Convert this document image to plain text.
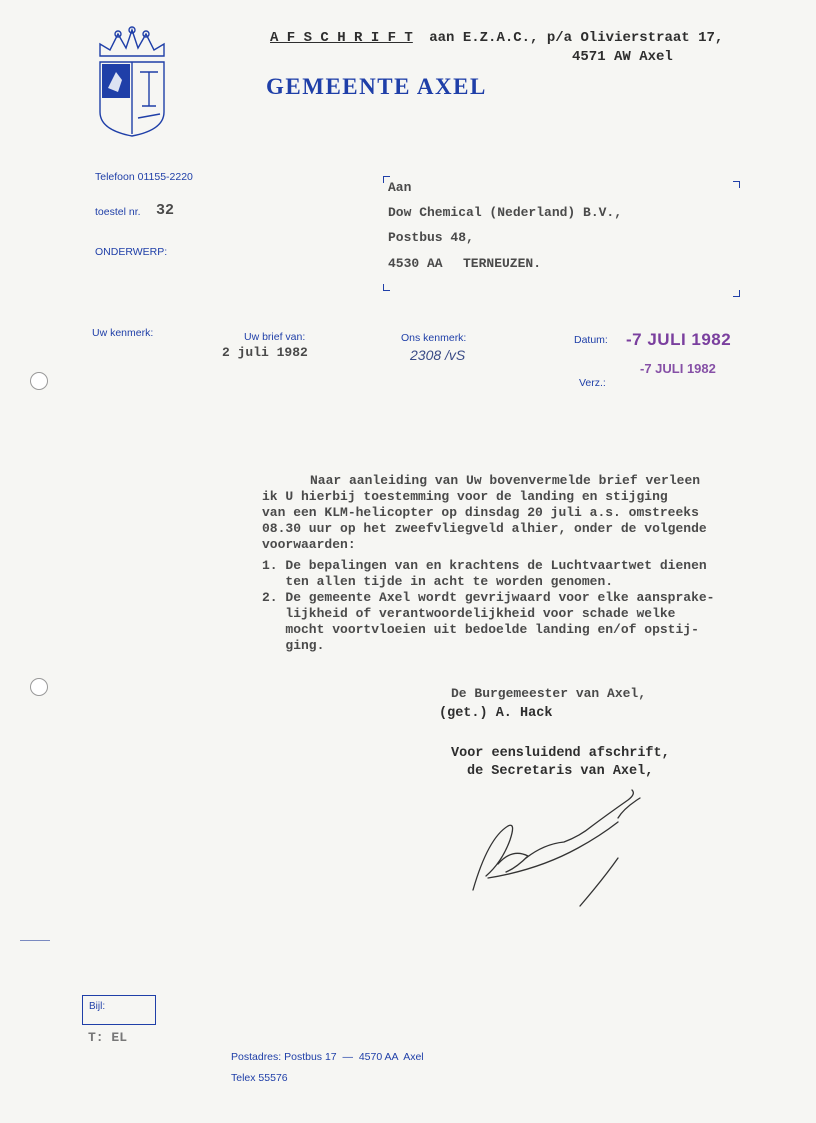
A F S C H R I F T aan E.Z.A.C., p/a Olivierstraat 17,
4571 AW Axel
GEMEENTE AXEL
Telefoon 01155-2220
toestel nr. 32
ONDERWERP:
Aan
Dow Chemical (Nederland) B.V.,
Postbus 48,
4530 AA TERNEUZEN.
Uw kenmerk:	Uw brief van:
2 juli 1982
Ons kenmerk:
2308 /vS
Datum: -7 JULI 1982
-7 JULI 1982
Verz.:
Naar aanleiding van Uw bovenvermelde brief verleen
ik U hierbij toestemming voor de landing en stijging
van een KLM-helicopter op dinsdag 20 juli a.s. omstreeks
08.30 uur op het zweefvliegveld alhier, onder de volgende
voorwaarden:
1. De bepalingen van en krachtens de Luchtvaartwet dienen
ten allen tijde in acht te worden genomen.
2. De gemeente Axel wordt gevrijwaard voor elke aansprake-
lijkheid of verantwoordelijkheid voor schade welke
mocht voortvloeien uit bedoelde landing en/of opstij-
ging.
De Burgemeester van Axel,
(get.) A. Hack
Voor eensluidend afschrift,
de Secretaris van Axel,
Bijl:
T: EL
Postadres: Postbus 17  —  4570 AA  Axel
Telex 55576
